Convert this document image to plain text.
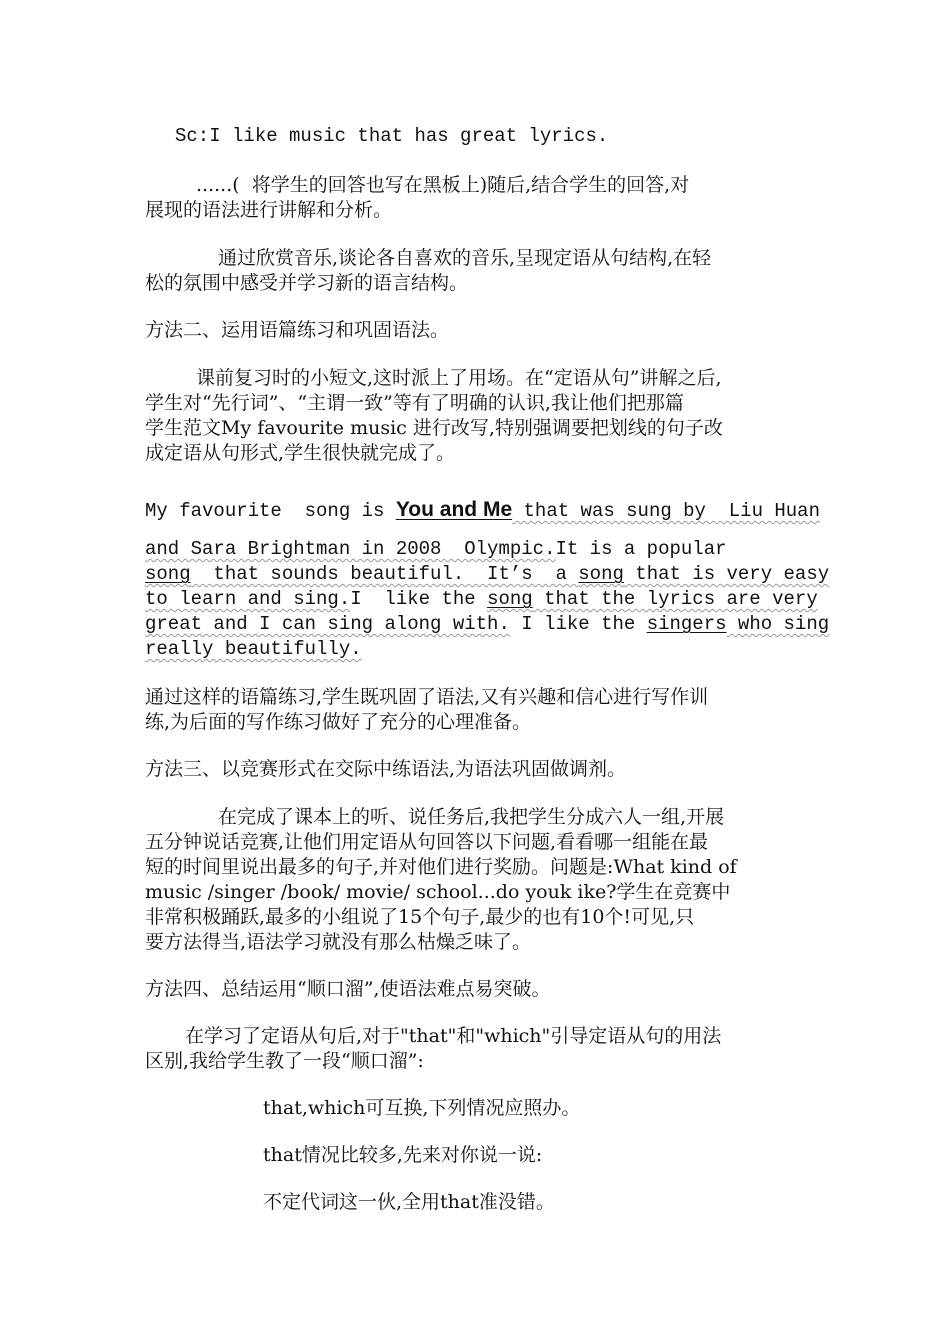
Sc:I like music that has great lyrics.
......(  将学生的回答也写在黑板上)随后,结合学生的回答,对
展现的语法进行讲解和分析。
通过欣赏音乐,谈论各自喜欢的音乐,呈现定语从句结构,在轻
松的氛围中感受并学习新的语言结构。
方法二、运用语篇练习和巩固语法。
课前复习时的小短文,这时派上了用场。在“定语从句”讲解之后,
学生对“先行词”、“主谓一致”等有了明确的认识,我让他们把那篇
学生范文My favourite music 进行改写,特别强调要把划线的句子改
成定语从句形式,学生很快就完成了。
My favourite  song is You and Me that was sung by  Liu Huan
and Sara Brightman in 2008  Olympic.It is a popular
song  that sounds beautiful.  It’s  a song that is very easy
to learn and sing.I  like the song that the lyrics are very
great and I can sing along with. I like the singers who sing
really beautifully.
通过这样的语篇练习,学生既巩固了语法,又有兴趣和信心进行写作训
练,为后面的写作练习做好了充分的心理准备。
方法三、以竞赛形式在交际中练语法,为语法巩固做调剂。
在完成了课本上的听、说任务后,我把学生分成六人一组,开展
五分钟说话竞赛,让他们用定语从句回答以下问题,看看哪一组能在最
短的时间里说出最多的句子,并对他们进行奖励。问题是:What kind of
music /singer /book/ movie/ school...do youk ike?学生在竞赛中
非常积极踊跃,最多的小组说了15个句子,最少的也有10个!可见,只
要方法得当,语法学习就没有那么枯燥乏味了。
方法四、总结运用“顺口溜”,使语法难点易突破。
在学习了定语从句后,对于"that"和"which"引导定语从句的用法
区别,我给学生教了一段“顺口溜”:
that,which可互换,下列情况应照办。
that情况比较多,先来对你说一说:
不定代词这一伙,全用that准没错。
